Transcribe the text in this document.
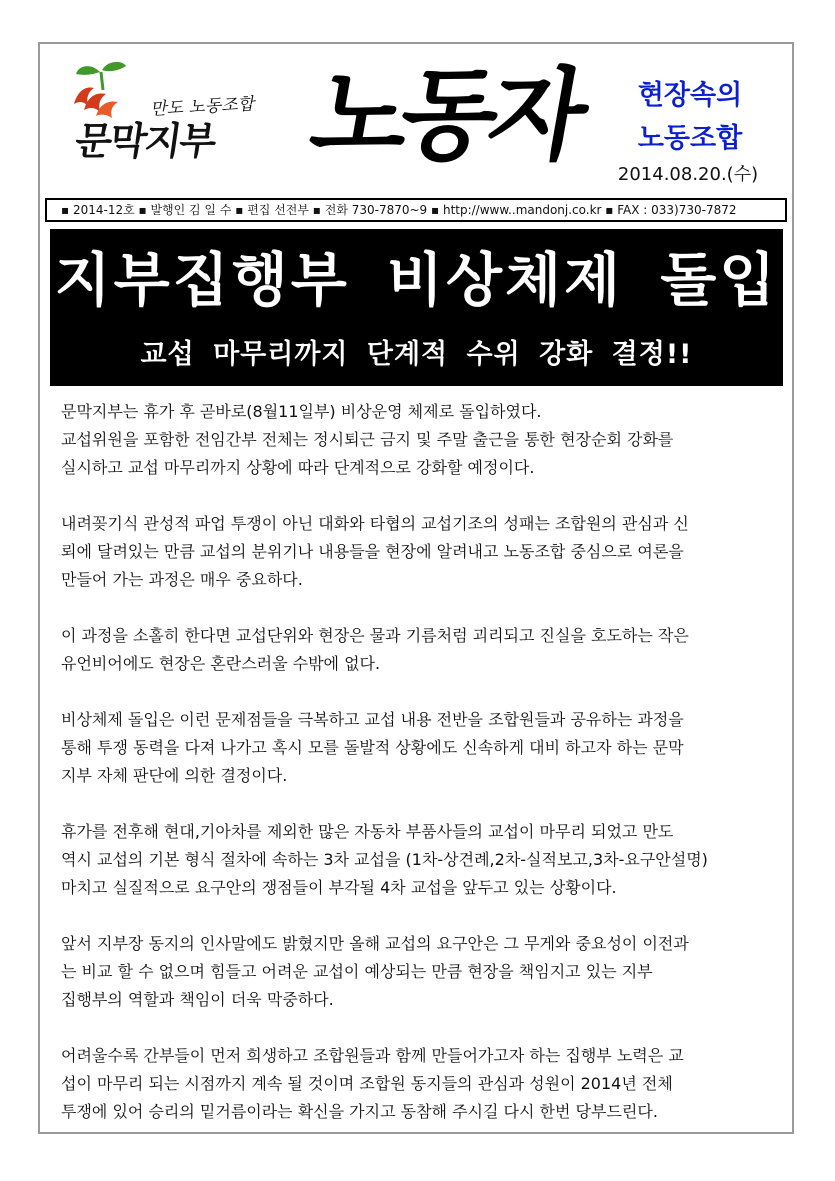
만도 노동조합
문막지부 노동자	현장속의
노동조합
2014.08.20.(수)
▪ 2014-12호 ▪ 발행인 김 일 수 ▪ 편집 선전부 ▪ 전화 730-7870~9 ▪ http://www..mandonj.co.kr ▪ FAX : 033)730-7872
지부집행부 비상체제 돌입
교섭 마무리까지 단계적 수위 강화 결정!!

문막지부는 휴가 후 곧바로(8월11일부) 비상운영 체제로 돌입하였다.
교섭위원을 포함한 전임간부 전체는 정시퇴근 금지 및 주말 출근을 통한 현장순회 강화를
실시하고 교섭 마무리까지 상황에 따라 단계적으로 강화할 예정이다.

내려꽂기식 관성적 파업 투쟁이 아닌 대화와 타협의 교섭기조의 성패는 조합원의 관심과 신
뢰에 달려있는 만큼 교섭의 분위기나 내용들을 현장에 알려내고 노동조합 중심으로 여론을
만들어 가는 과정은 매우 중요하다.

이 과정을 소홀히 한다면 교섭단위와 현장은 물과 기름처럼 괴리되고 진실을 호도하는 작은
유언비어에도 현장은 혼란스러울 수밖에 없다.

비상체제 돌입은 이런 문제점들을 극복하고 교섭 내용 전반을 조합원들과 공유하는 과정을
통해 투쟁 동력을 다져 나가고 혹시 모를 돌발적 상황에도 신속하게 대비 하고자 하는 문막
지부 자체 판단에 의한 결정이다.

휴가를 전후해 현대,기아차를 제외한 많은 자동차 부품사들의 교섭이 마무리 되었고 만도
역시 교섭의 기본 형식 절차에 속하는 3차 교섭을 (1차-상견례,2차-실적보고,3차-요구안설명)
마치고 실질적으로 요구안의 쟁점들이 부각될 4차 교섭을 앞두고 있는 상황이다.

앞서 지부장 동지의 인사말에도 밝혔지만 올해 교섭의 요구안은 그 무게와 중요성이 이전과
는 비교 할 수 없으며 힘들고 어려운 교섭이 예상되는 만큼 현장을 책임지고 있는 지부
집행부의 역할과 책임이 더욱 막중하다.

어려울수록 간부들이 먼저 희생하고 조합원들과 함께 만들어가고자 하는 집행부 노력은 교
섭이 마무리 되는 시점까지 계속 될 것이며 조합원 동지들의 관심과 성원이 2014년 전체
투쟁에 있어 승리의 밑거름이라는 확신을 가지고 동참해 주시길 다시 한번 당부드린다.
